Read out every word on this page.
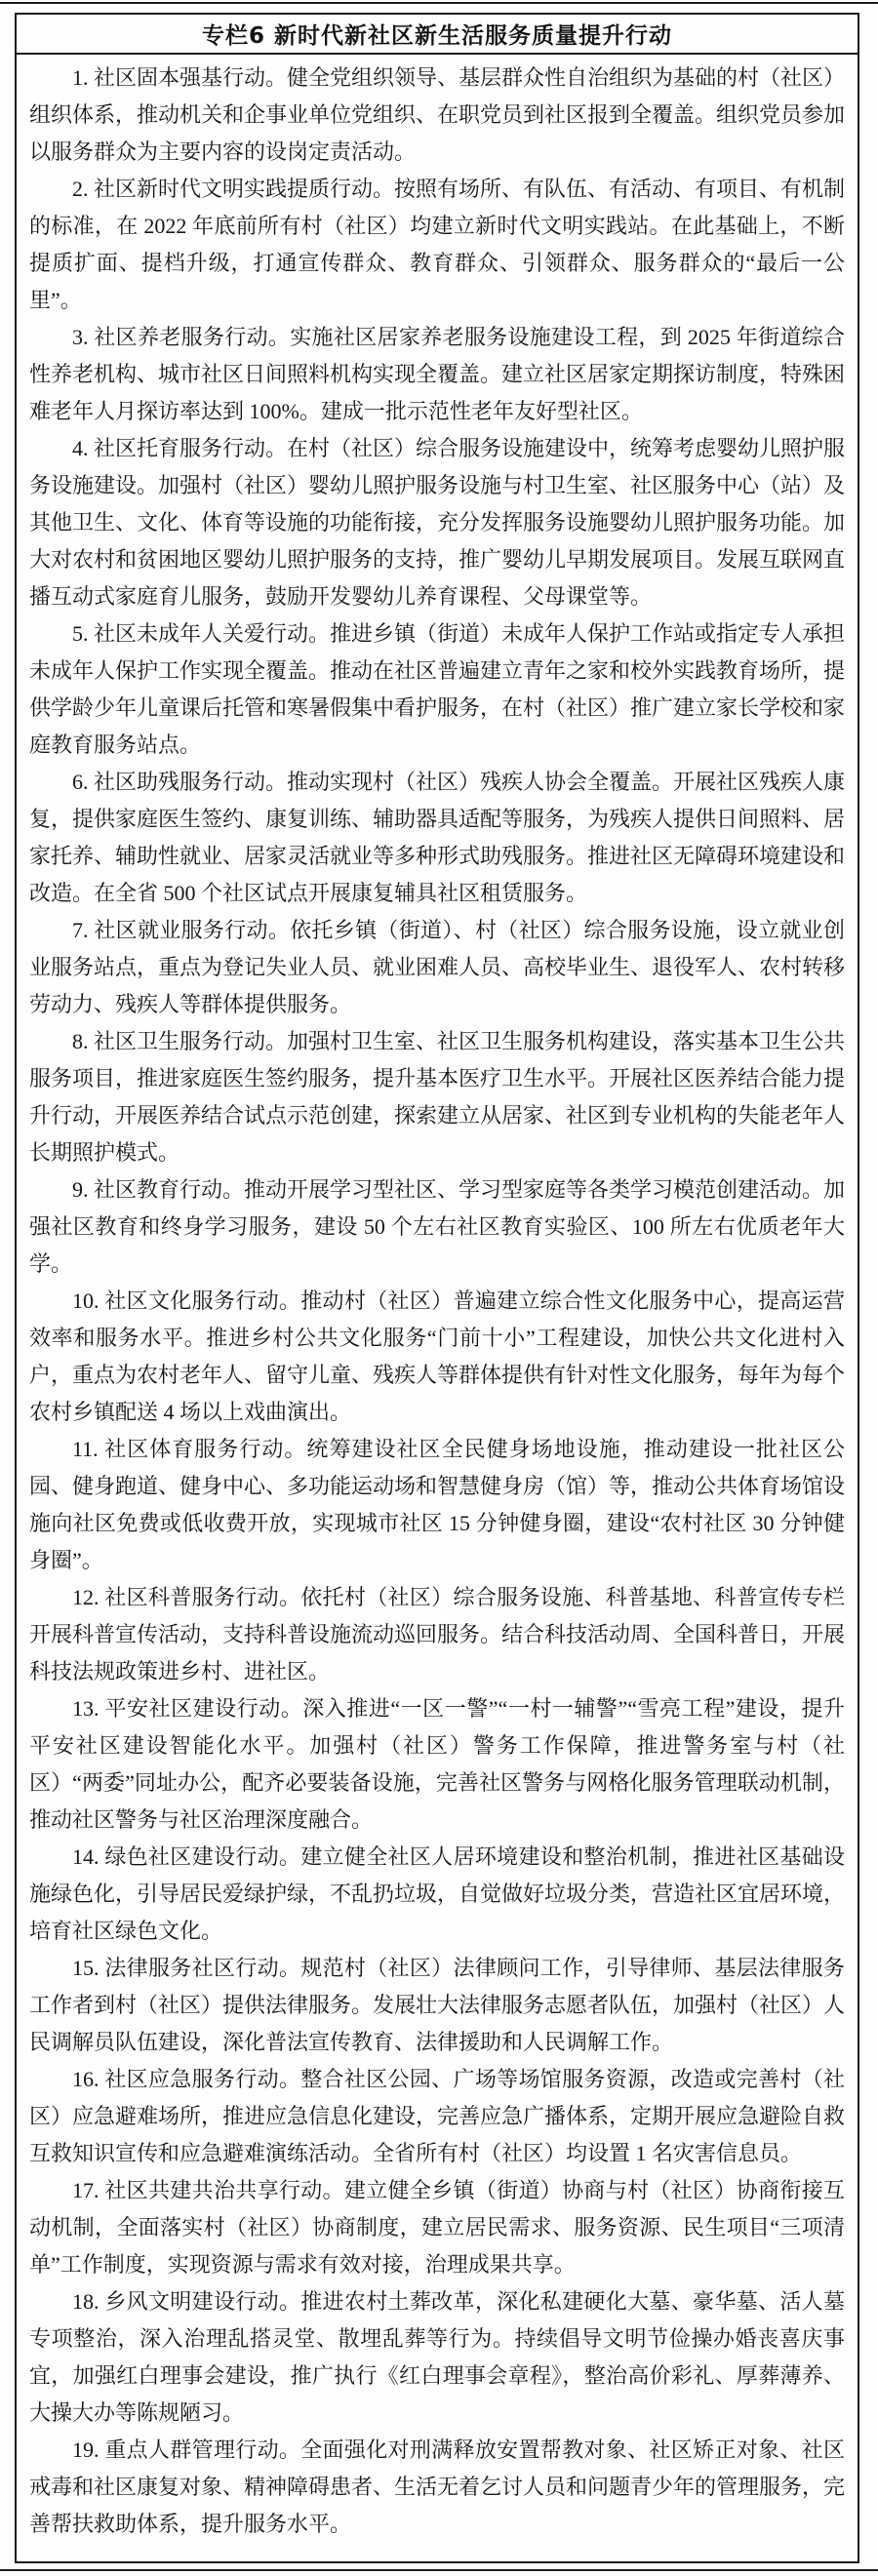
专栏6 新时代新社区新生活服务质量提升行动

1. 社区固本强基行动。健全党组织领导、基层群众性自治组织为基础的村（社区）组织体系，推动机关和企事业单位党组织、在职党员到社区报到全覆盖。组织党员参加以服务群众为主要内容的设岗定责活动。

2. 社区新时代文明实践提质行动。按照有场所、有队伍、有活动、有项目、有机制的标准，在 2022 年底前所有村（社区）均建立新时代文明实践站。在此基础上，不断提质扩面、提档升级，打通宣传群众、教育群众、引领群众、服务群众的“最后一公里”。

3. 社区养老服务行动。实施社区居家养老服务设施建设工程，到 2025 年街道综合性养老机构、城市社区日间照料机构实现全覆盖。建立社区居家定期探访制度，特殊困难老年人月探访率达到 100%。建成一批示范性老年友好型社区。

4. 社区托育服务行动。在村（社区）综合服务设施建设中，统筹考虑婴幼儿照护服务设施建设。加强村（社区）婴幼儿照护服务设施与村卫生室、社区服务中心（站）及其他卫生、文化、体育等设施的功能衔接，充分发挥服务设施婴幼儿照护服务功能。加大对农村和贫困地区婴幼儿照护服务的支持，推广婴幼儿早期发展项目。发展互联网直播互动式家庭育儿服务，鼓励开发婴幼儿养育课程、父母课堂等。

5. 社区未成年人关爱行动。推进乡镇（街道）未成年人保护工作站或指定专人承担未成年人保护工作实现全覆盖。推动在社区普遍建立青年之家和校外实践教育场所，提供学龄少年儿童课后托管和寒暑假集中看护服务，在村（社区）推广建立家长学校和家庭教育服务站点。

6. 社区助残服务行动。推动实现村（社区）残疾人协会全覆盖。开展社区残疾人康复，提供家庭医生签约、康复训练、辅助器具适配等服务，为残疾人提供日间照料、居家托养、辅助性就业、居家灵活就业等多种形式助残服务。推进社区无障碍环境建设和改造。在全省 500 个社区试点开展康复辅具社区租赁服务。

7. 社区就业服务行动。依托乡镇（街道）、村（社区）综合服务设施，设立就业创业服务站点，重点为登记失业人员、就业困难人员、高校毕业生、退役军人、农村转移劳动力、残疾人等群体提供服务。

8. 社区卫生服务行动。加强村卫生室、社区卫生服务机构建设，落实基本卫生公共服务项目，推进家庭医生签约服务，提升基本医疗卫生水平。开展社区医养结合能力提升行动，开展医养结合试点示范创建，探索建立从居家、社区到专业机构的失能老年人长期照护模式。

9. 社区教育行动。推动开展学习型社区、学习型家庭等各类学习模范创建活动。加强社区教育和终身学习服务，建设 50 个左右社区教育实验区、100 所左右优质老年大学。

10. 社区文化服务行动。推动村（社区）普遍建立综合性文化服务中心，提高运营效率和服务水平。推进乡村公共文化服务“门前十小”工程建设，加快公共文化进村入户，重点为农村老年人、留守儿童、残疾人等群体提供有针对性文化服务，每年为每个农村乡镇配送 4 场以上戏曲演出。

11. 社区体育服务行动。统筹建设社区全民健身场地设施，推动建设一批社区公园、健身跑道、健身中心、多功能运动场和智慧健身房（馆）等，推动公共体育场馆设施向社区免费或低收费开放，实现城市社区 15 分钟健身圈，建设“农村社区 30 分钟健身圈”。

12. 社区科普服务行动。依托村（社区）综合服务设施、科普基地、科普宣传专栏开展科普宣传活动，支持科普设施流动巡回服务。结合科技活动周、全国科普日，开展科技法规政策进乡村、进社区。

13. 平安社区建设行动。深入推进“一区一警”“一村一辅警”“雪亮工程”建设，提升平安社区建设智能化水平。加强村（社区）警务工作保障，推进警务室与村（社区）“两委”同址办公，配齐必要装备设施，完善社区警务与网格化服务管理联动机制，推动社区警务与社区治理深度融合。

14. 绿色社区建设行动。建立健全社区人居环境建设和整治机制，推进社区基础设施绿色化，引导居民爱绿护绿，不乱扔垃圾，自觉做好垃圾分类，营造社区宜居环境，培育社区绿色文化。

15. 法律服务社区行动。规范村（社区）法律顾问工作，引导律师、基层法律服务工作者到村（社区）提供法律服务。发展壮大法律服务志愿者队伍，加强村（社区）人民调解员队伍建设，深化普法宣传教育、法律援助和人民调解工作。

16. 社区应急服务行动。整合社区公园、广场等场馆服务资源，改造或完善村（社区）应急避难场所，推进应急信息化建设，完善应急广播体系，定期开展应急避险自救互救知识宣传和应急避难演练活动。全省所有村（社区）均设置 1 名灾害信息员。

17. 社区共建共治共享行动。建立健全乡镇（街道）协商与村（社区）协商衔接互动机制，全面落实村（社区）协商制度，建立居民需求、服务资源、民生项目“三项清单”工作制度，实现资源与需求有效对接，治理成果共享。

18. 乡风文明建设行动。推进农村土葬改革，深化私建硬化大墓、豪华墓、活人墓专项整治，深入治理乱搭灵堂、散埋乱葬等行为。持续倡导文明节俭操办婚丧喜庆事宜，加强红白理事会建设，推广执行《红白理事会章程》，整治高价彩礼、厚葬薄养、大操大办等陈规陋习。

19. 重点人群管理行动。全面强化对刑满释放安置帮教对象、社区矫正对象、社区戒毒和社区康复对象、精神障碍患者、生活无着乞讨人员和问题青少年的管理服务，完善帮扶救助体系，提升服务水平。
